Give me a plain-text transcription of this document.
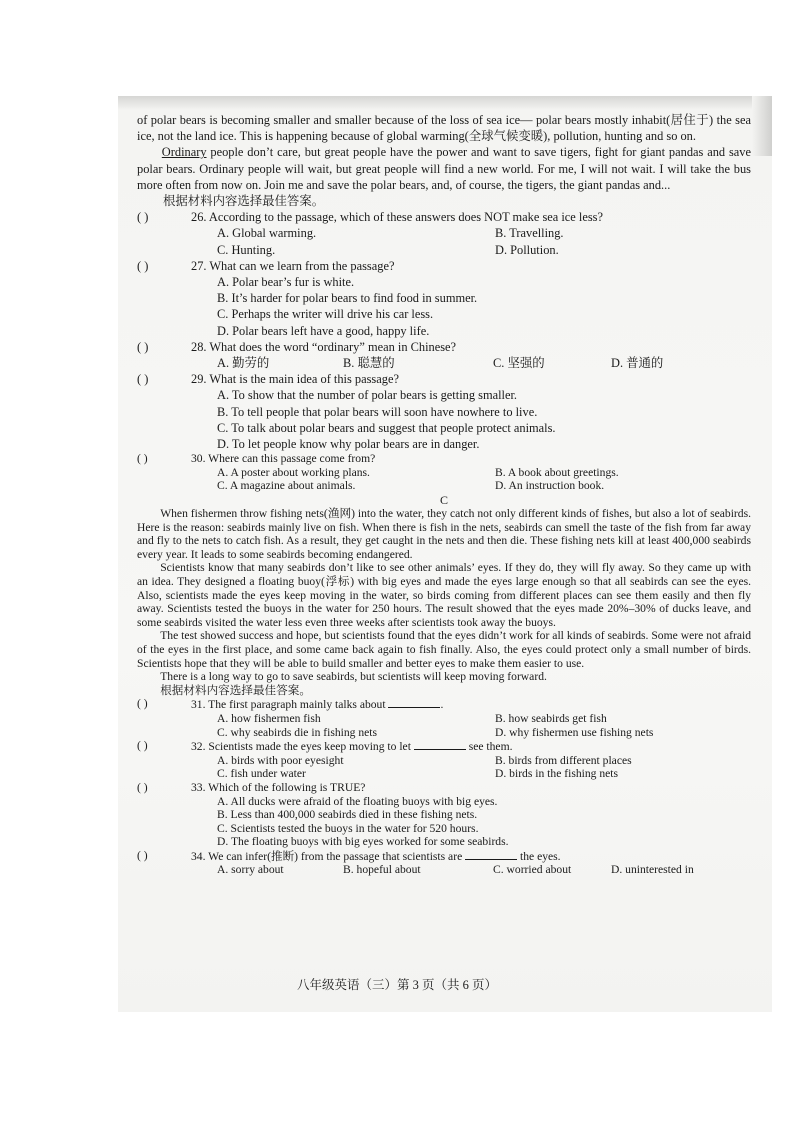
of polar bears is becoming smaller and smaller because of the loss of sea ice— polar bears mostly inhabit(居住于) the sea ice, not the land ice. This is happening because of global warming(全球气候变暖), pollution, hunting and so on.

Ordinary people don’t care, but great people have the power and want to save tigers, fight for giant pandas and save polar bears. Ordinary people will wait, but great people will find a new world. For me, I will not wait. I will take the bus more often from now on. Join me and save the polar bears, and, of course, the tigers, the giant pandas and...

根据材料内容选择最佳答案。

( )	26. According to the passage, which of these answers does NOT make sea ice less?
A. Global warming.	B. Travelling.
C. Hunting.	D. Pollution.
( )	27. What can we learn from the passage?
A. Polar bear’s fur is white.
B. It’s harder for polar bears to find food in summer.
C. Perhaps the writer will drive his car less.
D. Polar bears left have a good, happy life.
( )	28. What does the word “ordinary” mean in Chinese?
A. 勤劳的	B. 聪慧的	C. 坚强的	D. 普通的
( )	29. What is the main idea of this passage?
A. To show that the number of polar bears is getting smaller.
B. To tell people that polar bears will soon have nowhere to live.
C. To talk about polar bears and suggest that people protect animals.
D. To let people know why polar bears are in danger.
( )	30. Where can this passage come from?
A. A poster about working plans.	B. A book about greetings.
C. A magazine about animals.	D. An instruction book.
C

When fishermen throw fishing nets(渔网) into the water, they catch not only different kinds of fishes, but also a lot of seabirds. Here is the reason: seabirds mainly live on fish. When there is fish in the nets, seabirds can smell the taste of the fish from far away and fly to the nets to catch fish. As a result, they get caught in the nets and then die. These fishing nets kill at least 400,000 seabirds every year. It leads to some seabirds becoming endangered.

Scientists know that many seabirds don’t like to see other animals’ eyes. If they do, they will fly away. So they came up with an idea. They designed a floating buoy(浮标) with big eyes and made the eyes large enough so that all seabirds can see the eyes. Also, scientists made the eyes keep moving in the water, so birds coming from different places can see them easily and then fly away. Scientists tested the buoys in the water for 250 hours. The result showed that the eyes made 20%–30% of ducks leave, and some seabirds visited the water less even three weeks after scientists took away the buoys.

The test showed success and hope, but scientists found that the eyes didn’t work for all kinds of seabirds. Some were not afraid of the eyes in the first place, and some came back again to fish finally. Also, the eyes could protect only a small number of birds. Scientists hope that they will be able to build smaller and better eyes to make them easier to use.

There is a long way to go to save seabirds, but scientists will keep moving forward.

根据材料内容选择最佳答案。

( )	31. The first paragraph mainly talks about	.
A. how fishermen fish	B. how seabirds get fish
C. why seabirds die in fishing nets	D. why fishermen use fishing nets
( )	32. Scientists made the eyes keep moving to let	see them.
A. birds with poor eyesight	B. birds from different places
C. fish under water	D. birds in the fishing nets
( )	33. Which of the following is TRUE?
A. All ducks were afraid of the floating buoys with big eyes.
B. Less than 400,000 seabirds died in these fishing nets.
C. Scientists tested the buoys in the water for 520 hours.
D. The floating buoys with big eyes worked for some seabirds.
( )	34. We can infer(推断) from the passage that scientists are	the eyes.
A. sorry about	B. hopeful about	C. worried about	D. uninterested in
八年级英语（三）第 3 页（共 6 页）
